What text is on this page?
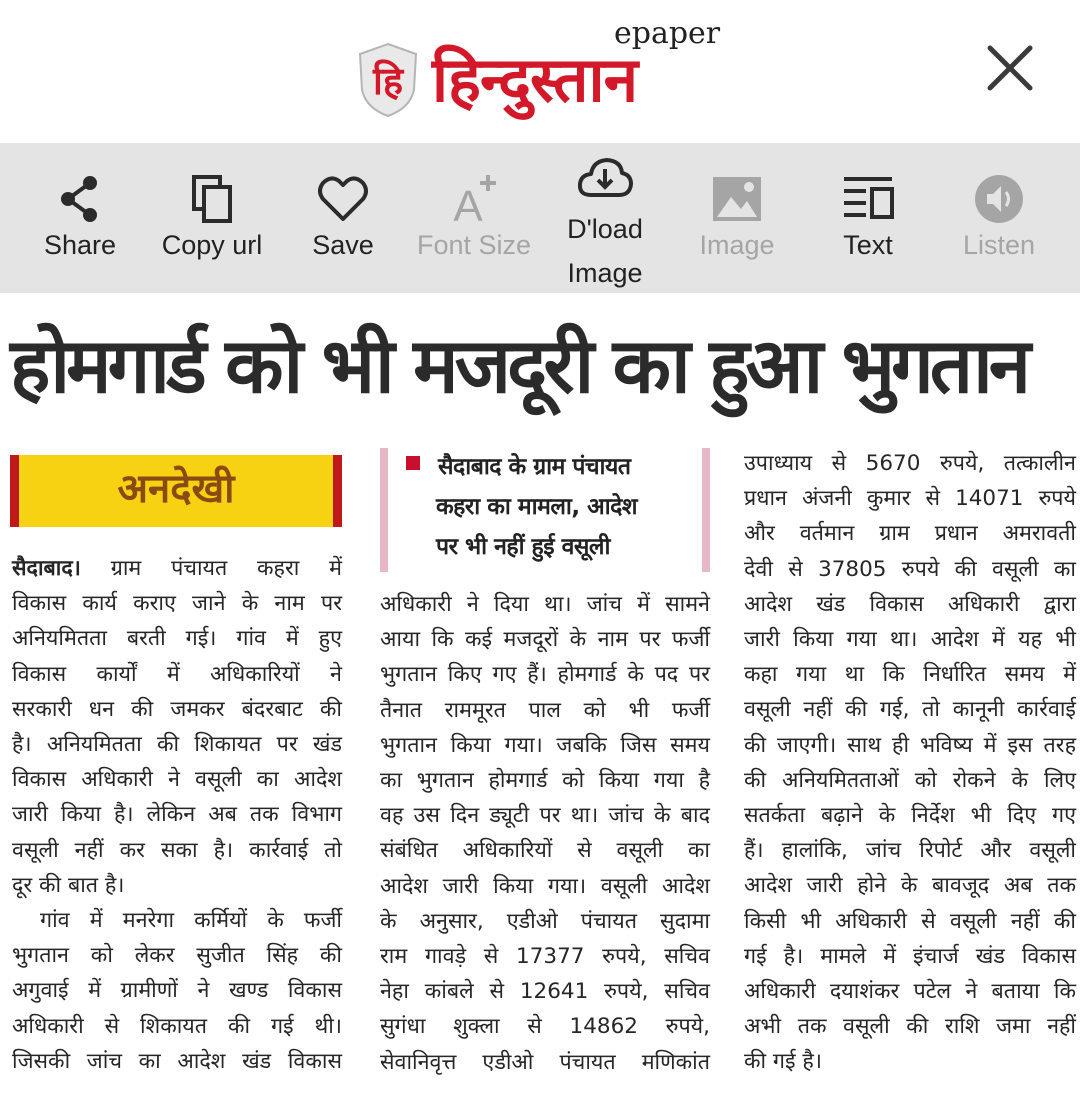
हि हिन्दुस्तान
epaper
Share	Copy url	Save
A
Font Size
D'load
Image
Image	Text	Listen
होमगार्ड को भी मजदूरी का हुआ भुगतान
अनदेखी	सैदाबाद के ग्राम पंचायत
कहरा का मामला, आदेश
पर भी नहीं हुई वसूली

सैदाबाद। ग्राम पंचायत कहरा में

विकास कार्य कराए जाने के नाम पर

अनियमितता बरती गई। गांव में हुए

विकास कार्यों में अधिकारियों ने

सरकारी धन की जमकर बंदरबाट की

है। अनियमितता की शिकायत पर खंड

विकास अधिकारी ने वसूली का आदेश

जारी किया है। लेकिन अब तक विभाग

वसूली नहीं कर सका है। कार्रवाई तो

दूर की बात है।

गांव में मनरेगा कर्मियों के फर्जी

भुगतान को लेकर सुजीत सिंह की

अगुवाई में ग्रामीणों ने खण्ड विकास

अधिकारी से शिकायत की गई थी।

जिसकी जांच का आदेश खंड विकास

अधिकारी ने दिया था। जांच में सामने

आया कि कई मजदूरों के नाम पर फर्जी

भुगतान किए गए हैं। होमगार्ड के पद पर

तैनात राममूरत पाल को भी फर्जी

भुगतान किया गया। जबकि जिस समय

का भुगतान होमगार्ड को किया गया है

वह उस दिन ड्यूटी पर था। जांच के बाद

संबंधित अधिकारियों से वसूली का

आदेश जारी किया गया। वसूली आदेश

के अनुसार, एडीओ पंचायत सुदामा

राम गावड़े से 17377 रुपये, सचिव

नेहा कांबले से 12641 रुपये, सचिव

सुगंधा शुक्ला से 14862 रुपये,

सेवानिवृत्त एडीओ पंचायत मणिकांत

उपाध्याय से 5670 रुपये, तत्कालीन

प्रधान अंजनी कुमार से 14071 रुपये

और वर्तमान ग्राम प्रधान अमरावती

देवी से 37805 रुपये की वसूली का

आदेश खंड विकास अधिकारी द्वारा

जारी किया गया था। आदेश में यह भी

कहा गया था कि निर्धारित समय में

वसूली नहीं की गई, तो कानूनी कार्रवाई

की जाएगी। साथ ही भविष्य में इस तरह

की अनियमितताओं को रोकने के लिए

सतर्कता बढ़ाने के निर्देश भी दिए गए

हैं। हालांकि, जांच रिपोर्ट और वसूली

आदेश जारी होने के बावजूद अब तक

किसी भी अधिकारी से वसूली नहीं की

गई है। मामले में इंचार्ज खंड विकास

अधिकारी दयाशंकर पटेल ने बताया कि

अभी तक वसूली की राशि जमा नहीं

की गई है।
